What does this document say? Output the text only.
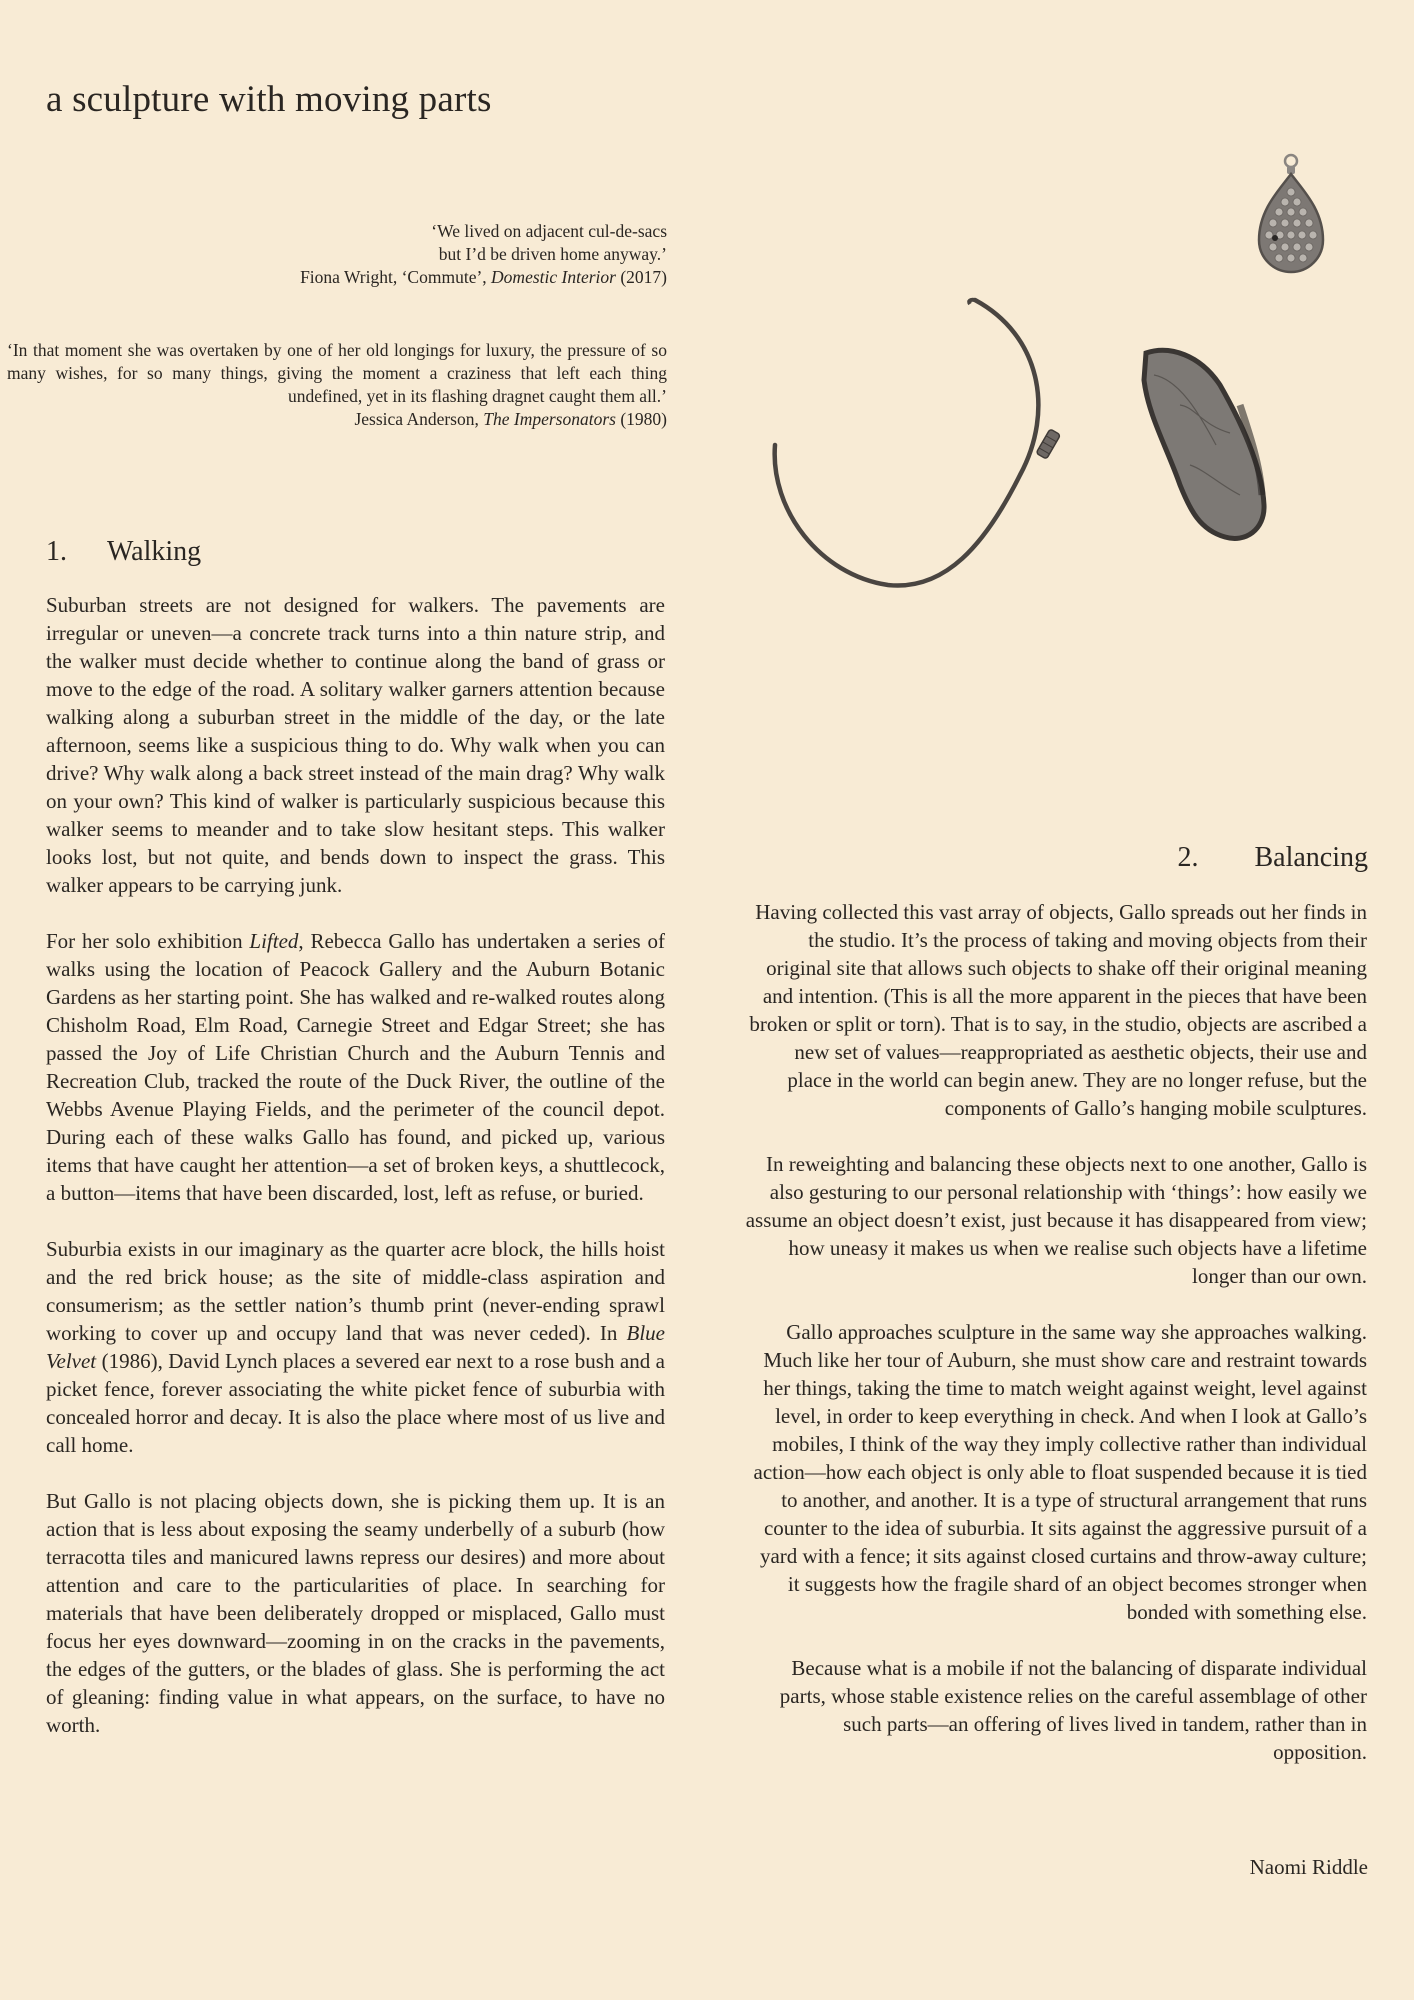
a sculpture with moving parts
‘We lived on adjacent cul-de-sacs
but I’d be driven home anyway.’
Fiona Wright, ‘Commute’, Domestic Interior (2017)
‘In that moment she was overtaken by one of her old longings for luxury, the pressure of so many wishes, for so many things, giving the moment a craziness that left each thing undefined, yet in its flashing dragnet caught them all.’
Jessica Anderson, The Impersonators (1980)
1.	Walking

Suburban streets are not designed for walkers. The pavements are irregular or uneven—a concrete track turns into a thin nature strip, and the walker must decide whether to continue along the band of grass or move to the edge of the road. A solitary walker garners attention because walking along a suburban street in the middle of the day, or the late afternoon, seems like a suspicious thing to do. Why walk when you can drive? Why walk along a back street instead of the main drag? Why walk on your own? This kind of walker is particularly suspicious because this walker seems to meander and to take slow hesitant steps. This walker looks lost, but not quite, and bends down to inspect the grass. This walker appears to be carrying junk.

For her solo exhibition Lifted, Rebecca Gallo has undertaken a series of walks using the location of Peacock Gallery and the Auburn Botanic Gardens as her starting point. She has walked and re-walked routes along Chisholm Road, Elm Road, Carnegie Street and Edgar Street; she has passed the Joy of Life Christian Church and the Auburn Tennis and Recreation Club, tracked the route of the Duck River, the outline of the Webbs Avenue Playing Fields, and the perimeter of the council depot. During each of these walks Gallo has found, and picked up, various items that have caught her attention—a set of broken keys, a shuttlecock, a button—items that have been discarded, lost, left as refuse, or buried.

Suburbia exists in our imaginary as the quarter acre block, the hills hoist and the red brick house; as the site of middle-class aspiration and consumerism; as the settler nation’s thumb print (never-ending sprawl working to cover up and occupy land that was never ceded). In Blue Velvet (1986), David Lynch places a severed ear next to a rose bush and a picket fence, forever associating the white picket fence of suburbia with concealed horror and decay. It is also the place where most of us live and call home.

But Gallo is not placing objects down, she is picking them up. It is an action that is less about exposing the seamy underbelly of a suburb (how terracotta tiles and manicured lawns repress our desires) and more about attention and care to the particularities of place. In searching for materials that have been deliberately dropped or misplaced, Gallo must focus her eyes downward—zooming in on the cracks in the pavements, the edges of the gutters, or the blades of glass. She is performing the act of gleaning: finding value in what appears, on the surface, to have no worth.

2. Balancing

Having collected this vast array of objects, Gallo spreads out her finds in the studio. It’s the process of taking and moving objects from their original site that allows such objects to shake off their original meaning and intention. (This is all the more apparent in the pieces that have been broken or split or torn). That is to say, in the studio, objects are ascribed a new set of values—reappropriated as aesthetic objects, their use and place in the world can begin anew. They are no longer refuse, but the components of Gallo’s hanging mobile sculptures.

In reweighting and balancing these objects next to one another, Gallo is also gesturing to our personal relationship with ‘things’: how easily we assume an object doesn’t exist, just because it has disappeared from view; how uneasy it makes us when we realise such objects have a lifetime longer than our own.

Gallo approaches sculpture in the same way she approaches walking. Much like her tour of Auburn, she must show care and restraint towards her things, taking the time to match weight against weight, level against level, in order to keep everything in check. And when I look at Gallo’s mobiles, I think of the way they imply collective rather than individual action—how each object is only able to float suspended because it is tied to another, and another. It is a type of structural arrangement that runs counter to the idea of suburbia. It sits against the aggressive pursuit of a yard with a fence; it sits against closed curtains and throw-away culture; it suggests how the fragile shard of an object becomes stronger when bonded with something else.

Because what is a mobile if not the balancing of disparate individual parts, whose stable existence relies on the careful assemblage of other such parts—an offering of lives lived in tandem, rather than in opposition.

Naomi Riddle
